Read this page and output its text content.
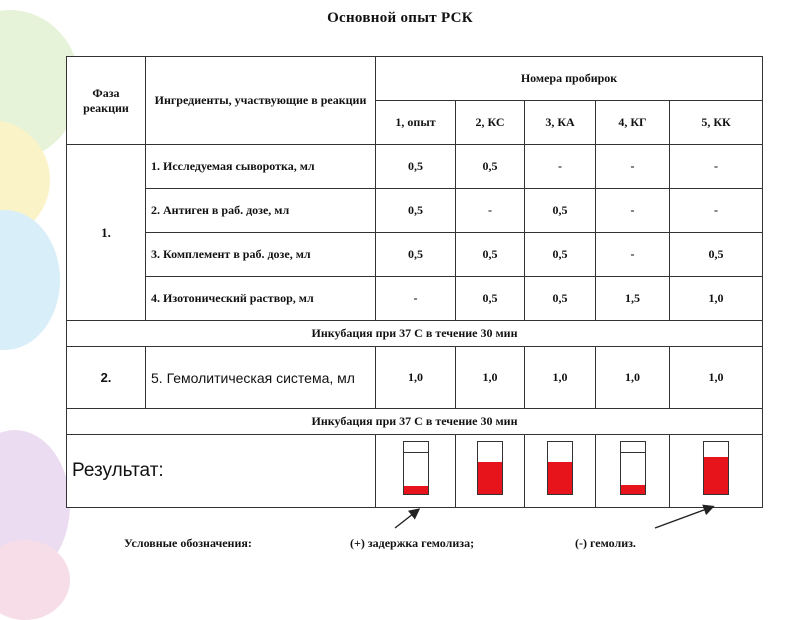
Основной опыт РСК
Фаза реакции	Ингредиенты, участвующие в реакции	Номера пробирок				
		1, опыт	2, КС	3, КА	4, КГ	5, КК
1.	1. Исследуемая сыворотка, мл	0,5	0,5	-	-	-
	2. Антиген в раб. дозе, мл	0,5	-	0,5	-	-
	3. Комплемент в раб. дозе, мл	0,5	0,5	0,5	-	0,5
	4. Изотонический раствор, мл	-	0,5	0,5	1,5	1,0
Инкубация при 37 С в течение 30 мин						
2.	5. Гемолитическая система, мл	1,0	1,0	1,0	1,0	1,0
Инкубация при 37 С в течение 30 мин						
Результат:		

Условные обозначения:	(+) задержка гемолиза;	(-) гемолиз.
